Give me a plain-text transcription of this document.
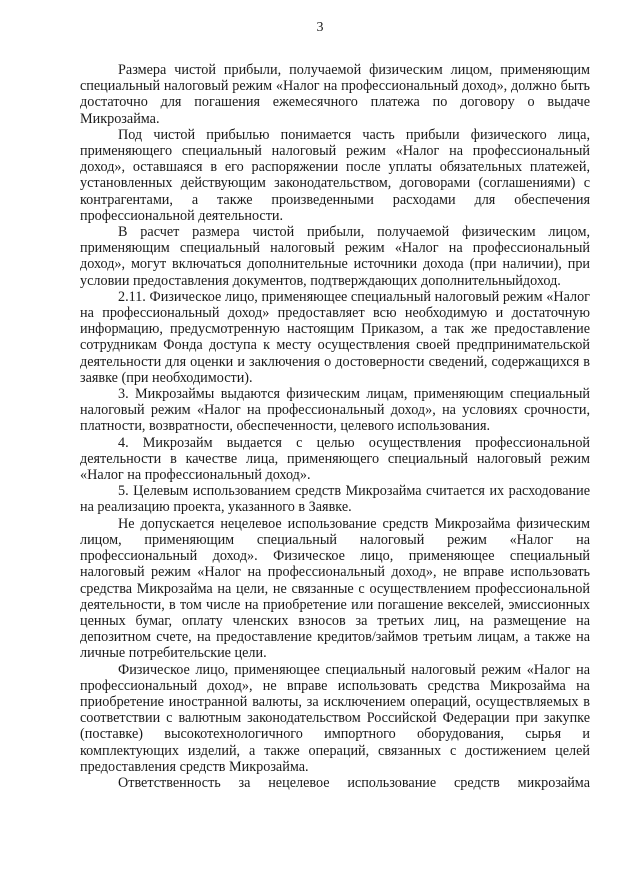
3

Размера чистой прибыли, получаемой физическим лицом, применяющим специальный налоговый режим «Налог на профессиональный доход», должно быть достаточно для погашения ежемесячного платежа по договору о выдаче Микрозайма.

Под чистой прибылью понимается часть прибыли физического лица, применяющего специальный налоговый режим «Налог на профессиональный доход», оставшаяся в его распоряжении после уплаты обязательных платежей, установленных действующим законодательством, договорами (соглашениями) с контрагентами, а также произведенными расходами для обеспечения профессиональной деятельности.

В расчет размера чистой прибыли, получаемой физическим лицом, применяющим специальный налоговый режим «Налог на профессиональный доход», могут включаться дополнительные источники дохода (при наличии), при условии предоставления документов, подтверждающих дополнительныйдоход.

2.11. Физическое лицо, применяющее специальный налоговый режим «Налог на профессиональный доход» предоставляет всю необходимую и достаточную информацию, предусмотренную настоящим Приказом, а так же предоставление сотрудникам Фонда доступа к месту осуществления своей предпринимательской деятельности для оценки и заключения о достоверности сведений, содержащихся в заявке (при необходимости).

3. Микрозаймы выдаются физическим лицам, применяющим специальный налоговый режим «Налог на профессиональный доход», на условиях срочности, платности, возвратности, обеспеченности, целевого использования.

4. Микрозайм выдается с целью осуществления профессиональной деятельности в качестве лица, применяющего специальный налоговый режим «Налог на профессиональный доход».

5. Целевым использованием средств Микрозайма считается их расходование на реализацию проекта, указанного в Заявке.

Не допускается нецелевое использование средств Микрозайма физическим лицом, применяющим специальный налоговый режим «Налог на профессиональный доход». Физическое лицо, применяющее специальный налоговый режим «Налог на профессиональный доход», не вправе использовать средства Микрозайма на цели, не связанные с осуществлением профессиональной деятельности, в том числе на приобретение или погашение векселей, эмиссионных ценных бумаг, оплату членских взносов за третьих лиц, на размещение на депозитном счете, на предоставление кредитов/займов третьим лицам, а также на личные потребительские цели.

Физическое лицо, применяющее специальный налоговый режим «Налог на профессиональный доход», не вправе использовать средства Микрозайма на приобретение иностранной валюты, за исключением операций, осуществляемых в соответствии с валютным законодательством Российской Федерации при закупке (поставке) высокотехнологичного импортного оборудования, сырья и комплектующих изделий, а также операций, связанных с достижением целей предоставления средств Микрозайма.

Ответственность за нецелевое использование средств микрозайма
